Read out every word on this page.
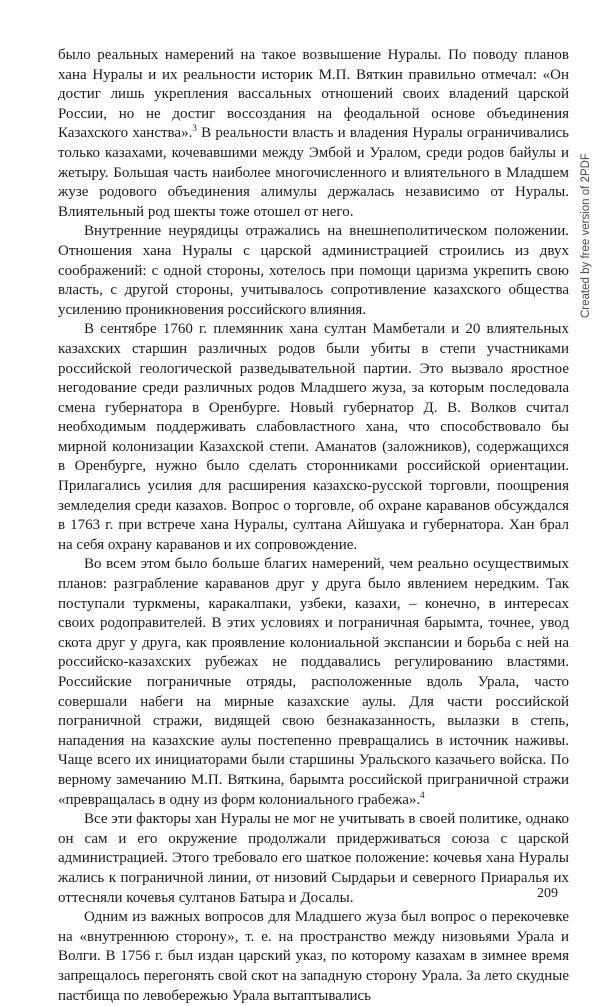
было реальных намерений на такое возвышение Нуралы. По поводу планов хана Нуралы и их реальности историк М.П. Вяткин правильно отмечал: «Он достиг лишь укрепления вассальных отношений своих владений царской России, но не достиг воссоздания на феодальной основе объединения Казахского ханства».$^3$ В реальности власть и владения Нуралы ограничивались только казахами, кочевавшими между Эмбой и Уралом, среди родов байулы и жетыру. Большая часть наиболее многочисленного и влиятельного в Младшем жузе родового объединения алимулы держалась независимо от Нуралы. Влиятельный род шекты тоже отошел от него.

Внутренние неурядицы отражались на внешнеполитическом положении. Отношения хана Нуралы с царской администрацией строились из двух соображений: с одной стороны, хотелось при помощи царизма укрепить свою власть, с другой стороны, учитывалось сопротивление казахского общества усилению проникновения российского влияния.

В сентябре 1760 г. племянник хана султан Мамбетали и 20 влиятельных казахских старшин различных родов были убиты в степи участниками российской геологической разведывательной партии. Это вызвало яростное негодование среди различных родов Младшего жуза, за которым последовала смена губернатора в Оренбурге. Новый губернатор Д. В. Волков считал необходимым поддерживать слабовластного хана, что способствовало бы мирной колонизации Казахской степи. Аманатов (заложников), содержащихся в Оренбурге, нужно было сделать сторонниками российской ориентации. Прилагались усилия для расширения казахско-русской торговли, поощрения земледелия среди казахов. Вопрос о торговле, об охране караванов обсуждался в 1763 г. при встрече хана Нуралы, султана Айшуака и губернатора. Хан брал на себя охрану караванов и их сопровождение.

Во всем этом было больше благих намерений, чем реально осуществимых планов: разграбление караванов друг у друга было явлением нередким. Так поступали туркмены, каракалпаки, узбеки, казахи, – конечно, в интересах своих родоправителей. В этих условиях и пограничная барымта, точнее, увод скота друг у друга, как проявление колониальной экспансии и борьба с ней на российско-казахских рубежах не поддавались регулированию властями. Российские пограничные отряды, расположенные вдоль Урала, часто совершали набеги на мирные казахские аулы. Для части российской пограничной стражи, видящей свою безнаказанность, вылазки в степь, нападения на казахские аулы постепенно превращались в источник наживы. Чаще всего их инициаторами были старшины Уральского казачьего войска. По верному замечанию М.П. Вяткина, барымта российской приграничной стражи «превращалась в одну из форм колониального грабежа».$^4$

Все эти факторы хан Нуралы не мог не учитывать в своей политике, однако он сам и его окружение продолжали придерживаться союза с царской администрацией. Этого требовало его шаткое положение: кочевья хана Нуралы жались к пограничной линии, от низовий Сырдарьи и северного Приаралья их оттесняли кочевья султанов Батыра и Досалы.

Одним из важных вопросов для Младшего жуза был вопрос о перекочевке на «внутреннюю сторону», т. е. на пространство между низовьями Урала и Волги. В 1756 г. был издан царский указ, по которому казахам в зимнее время запрещалось перегонять свой скот на западную сторону Урала. За лето скудные пастбища по левобережью Урала вытаптывались

209
Created by free version of 2PDF
